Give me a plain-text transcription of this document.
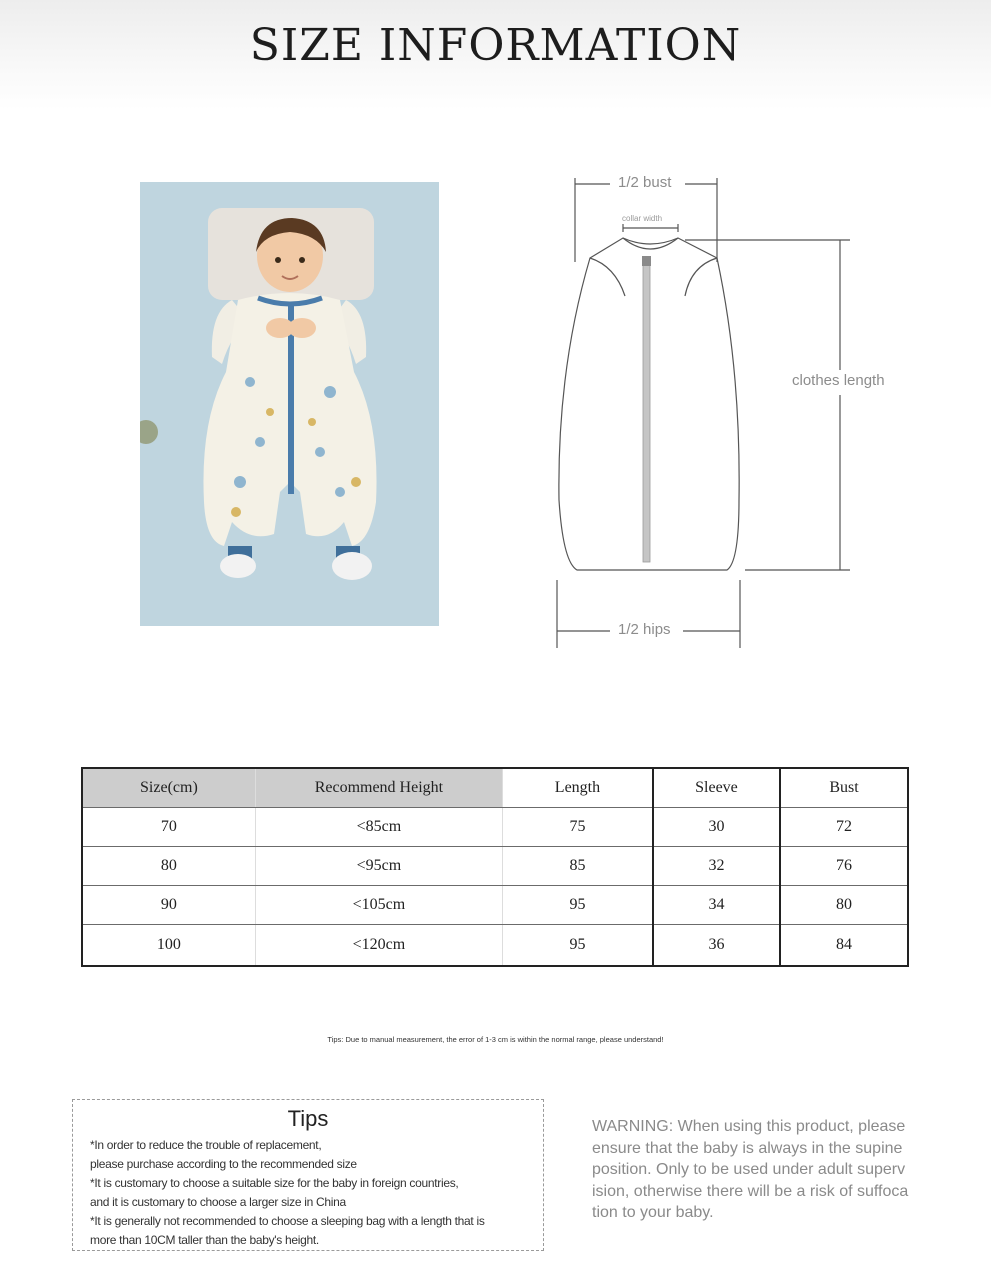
SIZE INFORMATION
1/2 bust
collar width
clothes length
1/2 hips
Size(cm)	Recommend Height	Length	Sleeve	Bust
70	<85cm	75	30	72
80	<95cm	85	32	76
90	<105cm	95	34	80
100	<120cm	95	36	84
Tips: Due to manual measurement, the error of 1-3 cm is within the normal range, please understand!
Tips
*In order to reduce the trouble of replacement,
please purchase according to the recommended size
*It is customary to choose a suitable size for the baby in foreign countries,
and it is customary to choose a larger size in China
*It is generally not recommended to choose a sleeping bag with a length that is
more than 10CM taller than the baby's height.
WARNING: When using this product, please
ensure that the baby is always in the supine
position. Only to be used under adult superv
ision, otherwise there will be a risk of suffoca
tion to your baby.
